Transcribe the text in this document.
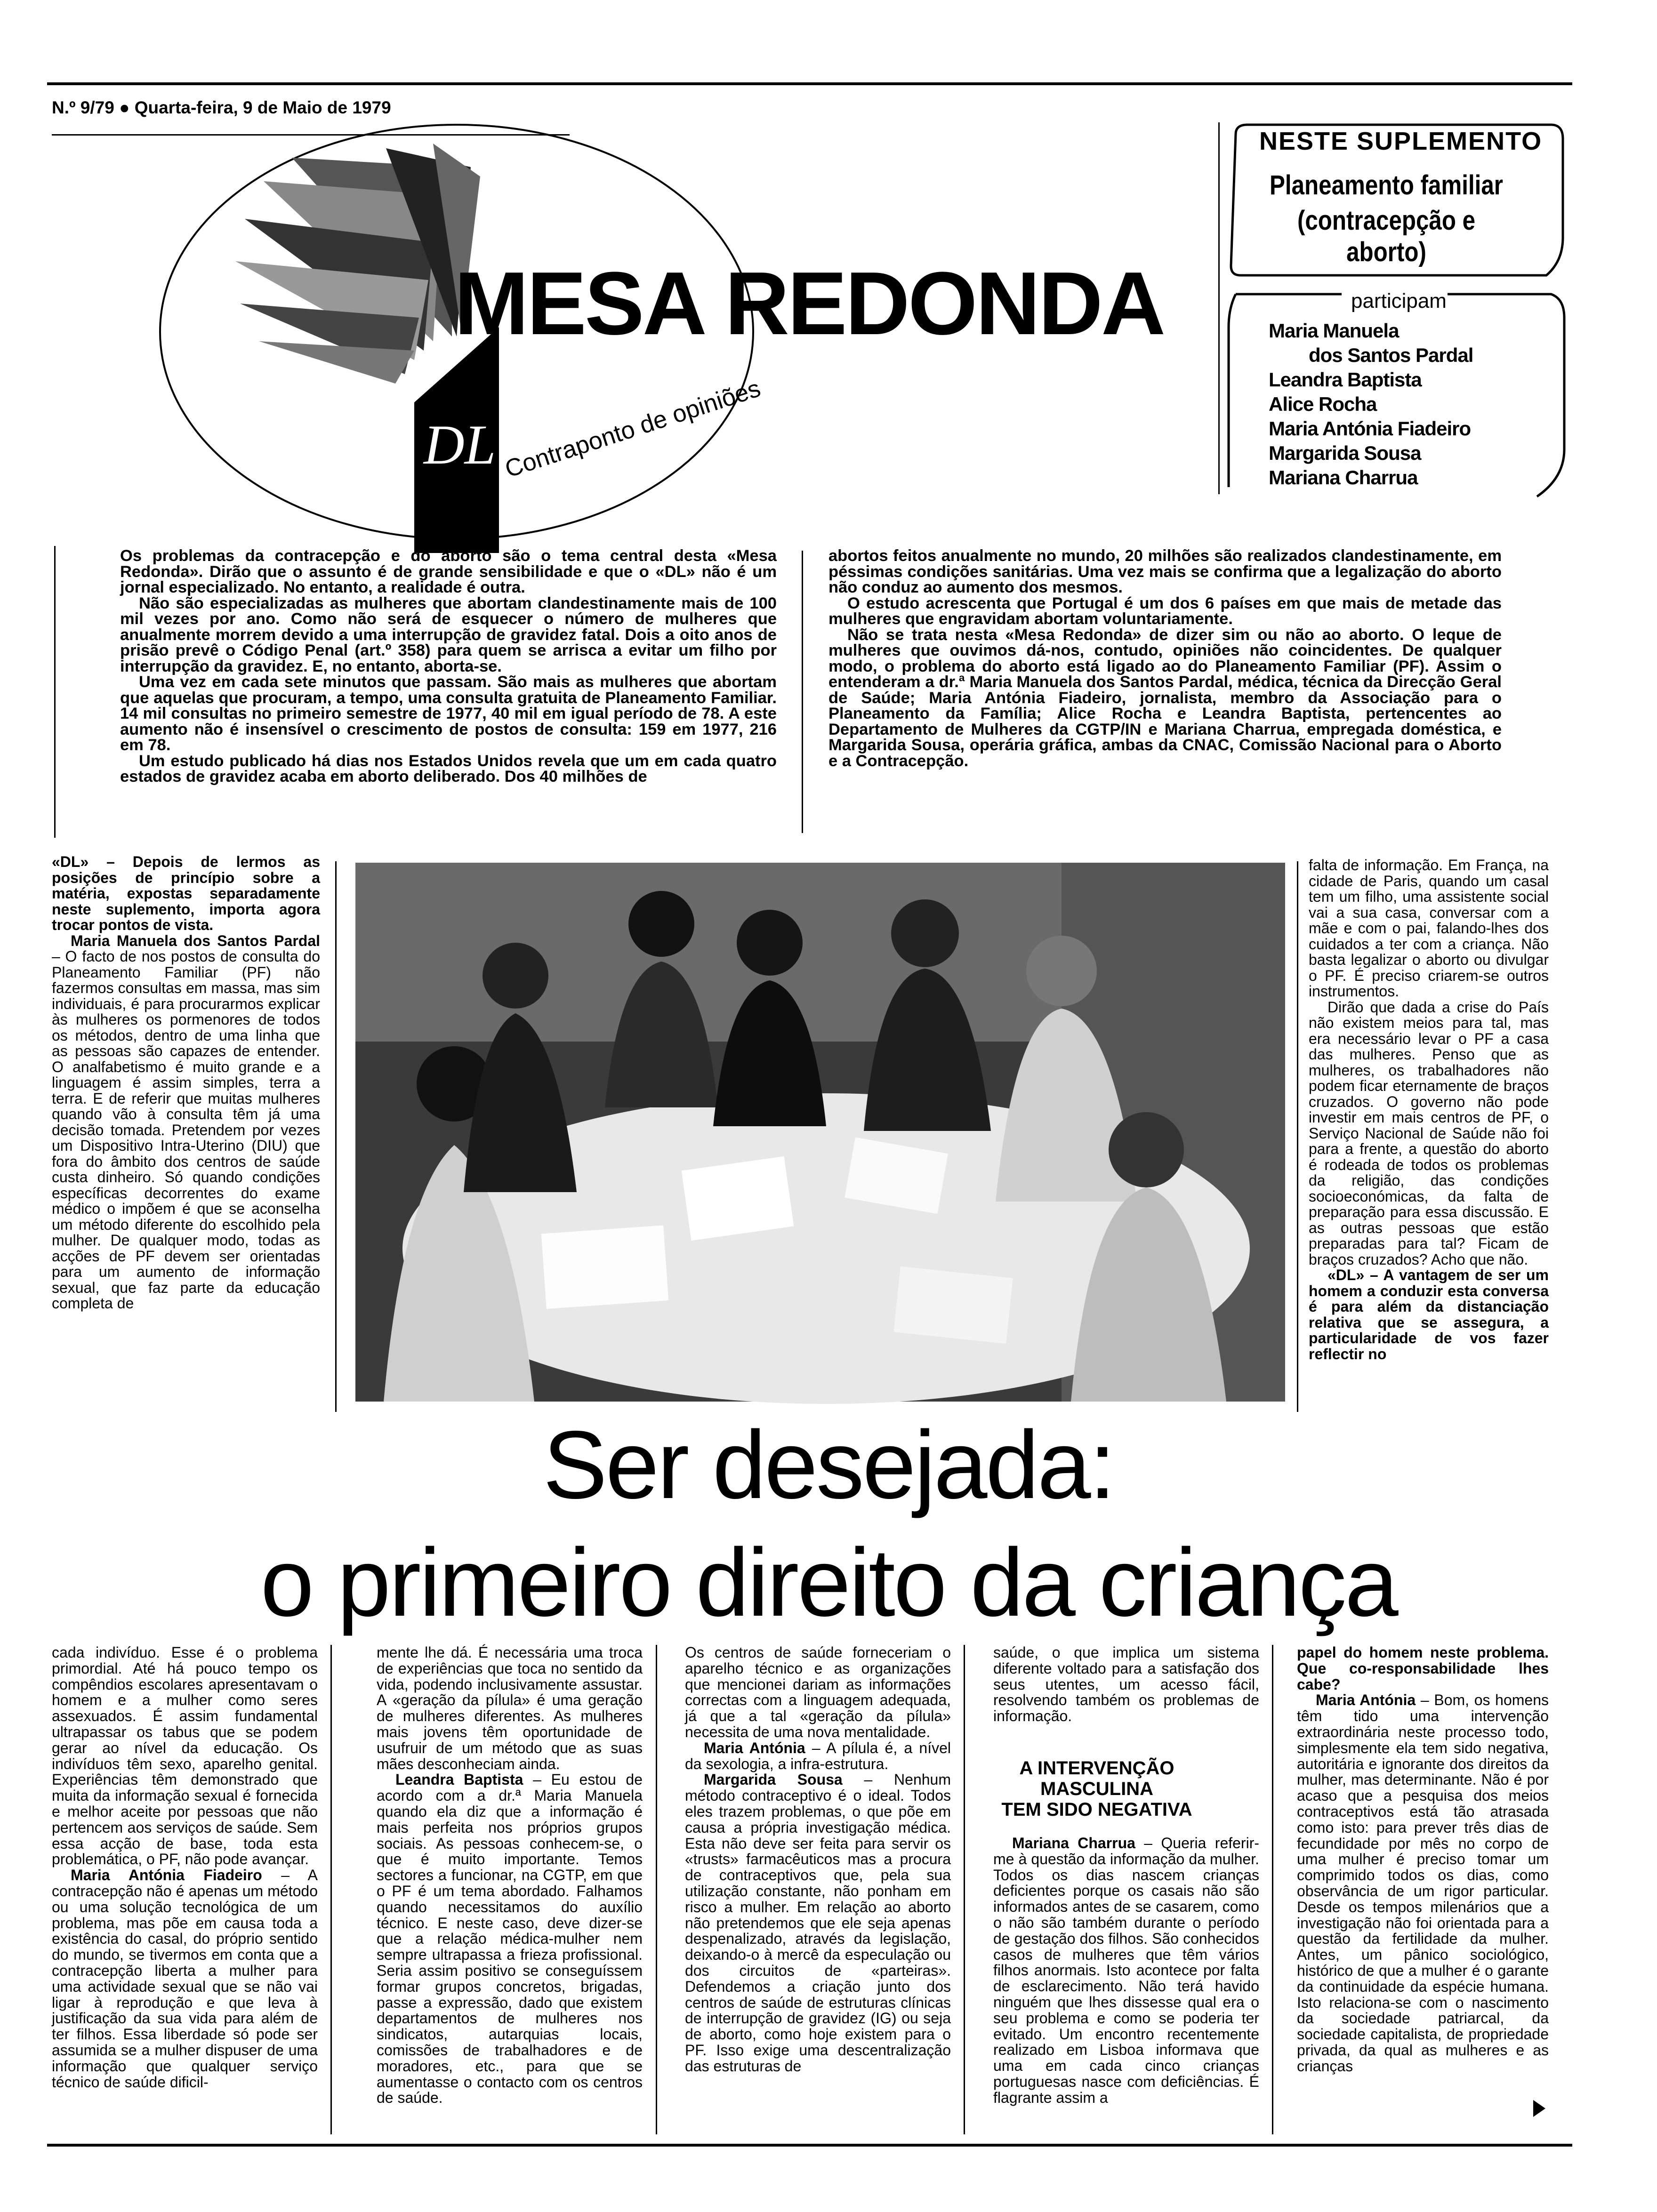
N.º 9/79 ● Quarta-feira, 9 de Maio de 1979
DL
MESA REDONDA
Contraponto de opiniões
NESTE SUPLEMENTO
Planeamento familiar
(contracepção e aborto)
participam
Maria Manuela
dos Santos Pardal
Leandra Baptista
Alice Rocha
Maria Antónia Fiadeiro
Margarida Sousa
Mariana Charrua

Os problemas da contracepção e do aborto são o tema central desta «Mesa Redonda». Dirão que o assunto é de grande sensibilidade e que o «DL» não é um jornal especializado. No entanto, a realidade é outra.

Não são especializadas as mulheres que abortam clandestinamente mais de 100 mil vezes por ano. Como não será de esquecer o número de mulheres que anualmente morrem devido a uma interrupção de gravidez fatal. Dois a oito anos de prisão prevê o Código Penal (art.º 358) para quem se arrisca a evitar um filho por interrupção da gravidez. E, no entanto, aborta-se.

Uma vez em cada sete minutos que passam. São mais as mulheres que abortam que aquelas que procuram, a tempo, uma consulta gratuita de Planeamento Familiar. 14 mil consultas no primeiro semestre de 1977, 40 mil em igual período de 78. A este aumento não é insensível o crescimento de postos de consulta: 159 em 1977, 216 em 78.

Um estudo publicado há dias nos Estados Unidos revela que um em cada quatro estados de gravidez acaba em aborto deliberado. Dos 40 milhões de

abortos feitos anualmente no mundo, 20 milhões são realizados clandestinamente, em péssimas condições sanitárias. Uma vez mais se confirma que a legalização do aborto não conduz ao aumento dos mesmos.

O estudo acrescenta que Portugal é um dos 6 países em que mais de metade das mulheres que engravidam abortam voluntariamente.

Não se trata nesta «Mesa Redonda» de dizer sim ou não ao aborto. O leque de mulheres que ouvimos dá-nos, contudo, opiniões não coincidentes. De qualquer modo, o problema do aborto está ligado ao do Planeamento Familiar (PF). Assim o entenderam a dr.ª Maria Manuela dos Santos Pardal, médica, técnica da Direcção Geral de Saúde; Maria Antónia Fiadeiro, jornalista, membro da Associação para o Planeamento da Família; Alice Rocha e Leandra Baptista, pertencentes ao Departamento de Mulheres da CGTP/IN e Mariana Charrua, empregada doméstica, e Margarida Sousa, operária gráfica, ambas da CNAC, Comissão Nacional para o Aborto e a Contracepção.

«DL» – Depois de lermos as posições de princípio sobre a matéria, expostas separadamente neste suplemento, importa agora trocar pontos de vista.

Maria Manuela dos Santos Pardal – O facto de nos postos de consulta do Planeamento Familiar (PF) não fazermos consultas em massa, mas sim individuais, é para procurarmos explicar às mulheres os pormenores de todos os métodos, dentro de uma linha que as pessoas são capazes de entender. O analfabetismo é muito grande e a linguagem é assim simples, terra a terra. E de referir que muitas mulheres quando vão à consulta têm já uma decisão tomada. Pretendem por vezes um Dispositivo Intra-Uterino (DIU) que fora do âmbito dos centros de saúde custa dinheiro. Só quando condições específicas decorrentes do exame médico o impõem é que se aconselha um método diferente do escolhido pela mulher. De qualquer modo, todas as acções de PF devem ser orientadas para um aumento de informação sexual, que faz parte da educação completa de

falta de informação. Em França, na cidade de Paris, quando um casal tem um filho, uma assistente social vai a sua casa, conversar com a mãe e com o pai, falando-lhes dos cuidados a ter com a criança. Não basta legalizar o aborto ou divulgar o PF. É preciso criarem-se outros instrumentos.

Dirão que dada a crise do País não existem meios para tal, mas era necessário levar o PF a casa das mulheres. Penso que as mulheres, os trabalhadores não podem ficar eternamente de braços cruzados. O governo não pode investir em mais centros de PF, o Serviço Nacional de Saúde não foi para a frente, a questão do aborto é rodeada de todos os problemas da religião, das condições socioeconómicas, da falta de preparação para essa discussão. E as outras pessoas que estão preparadas para tal? Ficam de braços cruzados? Acho que não.

«DL» – A vantagem de ser um homem a conduzir esta conversa é para além da distanciação relativa que se assegura, a particularidade de vos fazer reflectir no

Ser desejada:
o primeiro direito da criança

cada indivíduo. Esse é o problema primordial. Até há pouco tempo os compêndios escolares apresentavam o homem e a mulher como seres assexuados. É assim fundamental ultrapassar os tabus que se podem gerar ao nível da educação. Os indivíduos têm sexo, aparelho genital. Experiências têm demonstrado que muita da informação sexual é fornecida e melhor aceite por pessoas que não pertencem aos serviços de saúde. Sem essa acção de base, toda esta problemática, o PF, não pode avançar.

Maria Antónia Fiadeiro – A contracepção não é apenas um método ou uma solução tecnológica de um problema, mas põe em causa toda a existência do casal, do próprio sentido do mundo, se tivermos em conta que a contracepção liberta a mulher para uma actividade sexual que se não vai ligar à reprodução e que leva à justificação da sua vida para além de ter filhos. Essa liberdade só pode ser assumida se a mulher dispuser de uma informação que qualquer serviço técnico de saúde dificil-

mente lhe dá. É necessária uma troca de experiências que toca no sentido da vida, podendo inclusivamente assustar. A «geração da pílula» é uma geração de mulheres diferentes. As mulheres mais jovens têm oportunidade de usufruir de um método que as suas mães desconheciam ainda.

Leandra Baptista – Eu estou de acordo com a dr.ª Maria Manuela quando ela diz que a informação é mais perfeita nos próprios grupos sociais. As pessoas conhecem-se, o que é muito importante. Temos sectores a funcionar, na CGTP, em que o PF é um tema abordado. Falhamos quando necessitamos do auxílio técnico. E neste caso, deve dizer-se que a relação médica-mulher nem sempre ultrapassa a frieza profissional. Seria assim positivo se conseguíssem formar grupos concretos, brigadas, passe a expressão, dado que existem departamentos de mulheres nos sindicatos, autarquias locais, comissões de trabalhadores e de moradores, etc., para que se aumentasse o contacto com os centros de saúde.

Os centros de saúde forneceriam o aparelho técnico e as organizações que mencionei dariam as informações correctas com a linguagem adequada, já que a tal «geração da pílula» necessita de uma nova mentalidade.

Maria Antónia – A pílula é, a nível da sexologia, a infra-estrutura.

Margarida Sousa – Nenhum método contraceptivo é o ideal. Todos eles trazem problemas, o que põe em causa a própria investigação médica. Esta não deve ser feita para servir os «trusts» farmacêuticos mas a procura de contraceptivos que, pela sua utilização constante, não ponham em risco a mulher. Em relação ao aborto não pretendemos que ele seja apenas despenalizado, através da legislação, deixando-o à mercê da especulação ou dos circuitos de «parteiras». Defendemos a criação junto dos centros de saúde de estruturas clínicas de interrupção de gravidez (IG) ou seja de aborto, como hoje existem para o PF. Isso exige uma descentralização das estruturas de

saúde, o que implica um sistema diferente voltado para a satisfação dos seus utentes, um acesso fácil, resolvendo também os problemas de informação.

A INTERVENÇÃO
MASCULINA
TEM SIDO NEGATIVA

Mariana Charrua – Queria referir-me à questão da informação da mulher. Todos os dias nascem crianças deficientes porque os casais não são informados antes de se casarem, como o não são também durante o período de gestação dos filhos. São conhecidos casos de mulheres que têm vários filhos anormais. Isto acontece por falta de esclarecimento. Não terá havido ninguém que lhes dissesse qual era o seu problema e como se poderia ter evitado. Um encontro recentemente realizado em Lisboa informava que uma em cada cinco crianças portuguesas nasce com deficiências. É flagrante assim a

papel do homem neste problema. Que co-responsabilidade lhes cabe?

Maria Antónia – Bom, os homens têm tido uma intervenção extraordinária neste processo todo, simplesmente ela tem sido negativa, autoritária e ignorante dos direitos da mulher, mas determinante. Não é por acaso que a pesquisa dos meios contraceptivos está tão atrasada como isto: para prever três dias de fecundidade por mês no corpo de uma mulher é preciso tomar um comprimido todos os dias, como observância de um rigor particular. Desde os tempos milenários que a investigação não foi orientada para a questão da fertilidade da mulher. Antes, um pânico sociológico, histórico de que a mulher é o garante da continuidade da espécie humana. Isto relaciona-se com o nascimento da sociedade patriarcal, da sociedade capitalista, de propriedade privada, da qual as mulheres e as crianças
